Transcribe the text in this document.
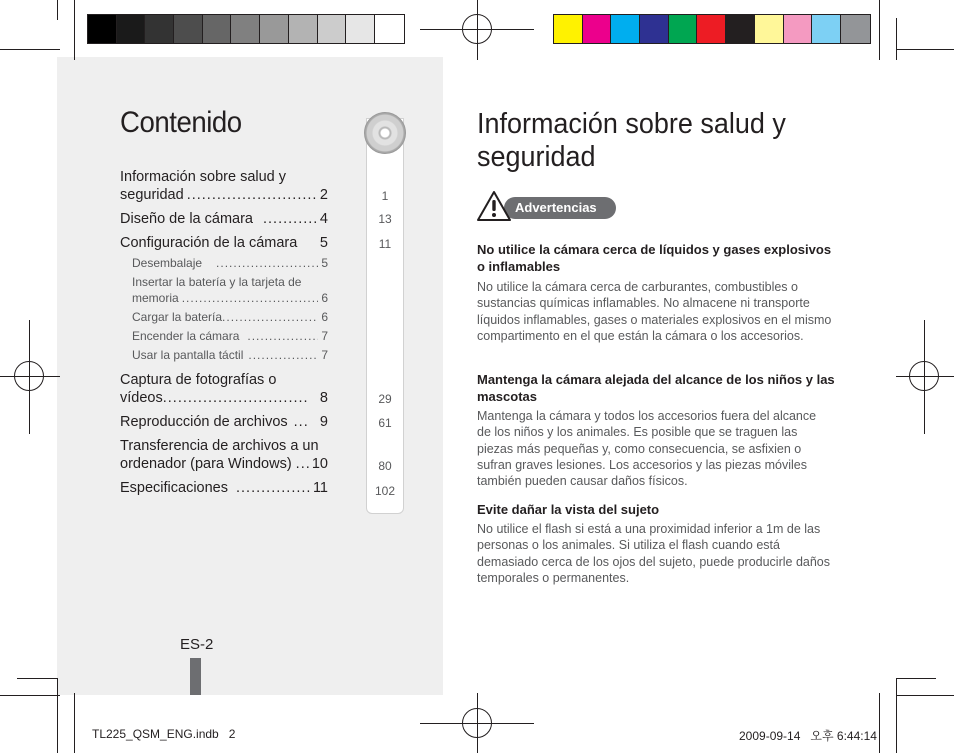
Contenido
Información sobre salud y
seguridad .....	2
Diseño de la cámara .....	4
Configuración de la cámara 5
Desembalaje .....	5
Insertar la batería y la tarjeta de
memoria .....	6
Cargar la batería .....	6
Encender la cámara .....	7
Usar la pantalla táctil .....	7
Captura de fotografías o
vídeos .....	8
Reproducción de archivos ..... 9
Transferencia de archivos a un
ordenador (para Windows) ..... 10
Especificaciones .....	11
1
13
11
29
61
80
102
ES-2
Información sobre salud y seguridad
Advertencias
No utilice la cámara cerca de líquidos y gases explosivos o inflamables
No utilice la cámara cerca de carburantes, combustibles o sustancias químicas inflamables. No almacene ni transporte líquidos inflamables, gases o materiales explosivos en el mismo compartimento en el que están la cámara o los accesorios.
Mantenga la cámara alejada del alcance de los niños y las mascotas
Mantenga la cámara y todos los accesorios fuera del alcance de los niños y los animales. Es posible que se traguen las piezas más pequeñas y, como consecuencia, se asfixien o sufran graves lesiones. Los accesorios y las piezas móviles también pueden causar daños físicos.
Evite dañar la vista del sujeto
No utilice el flash si está a una proximidad inferior a 1m de las personas o los animales. Si utiliza el flash cuando está demasiado cerca de los ojos del sujeto, puede producirle daños temporales o permanentes.
TL225_QSM_ENG.indb   2	2009-09-14   오후 6:44:14
